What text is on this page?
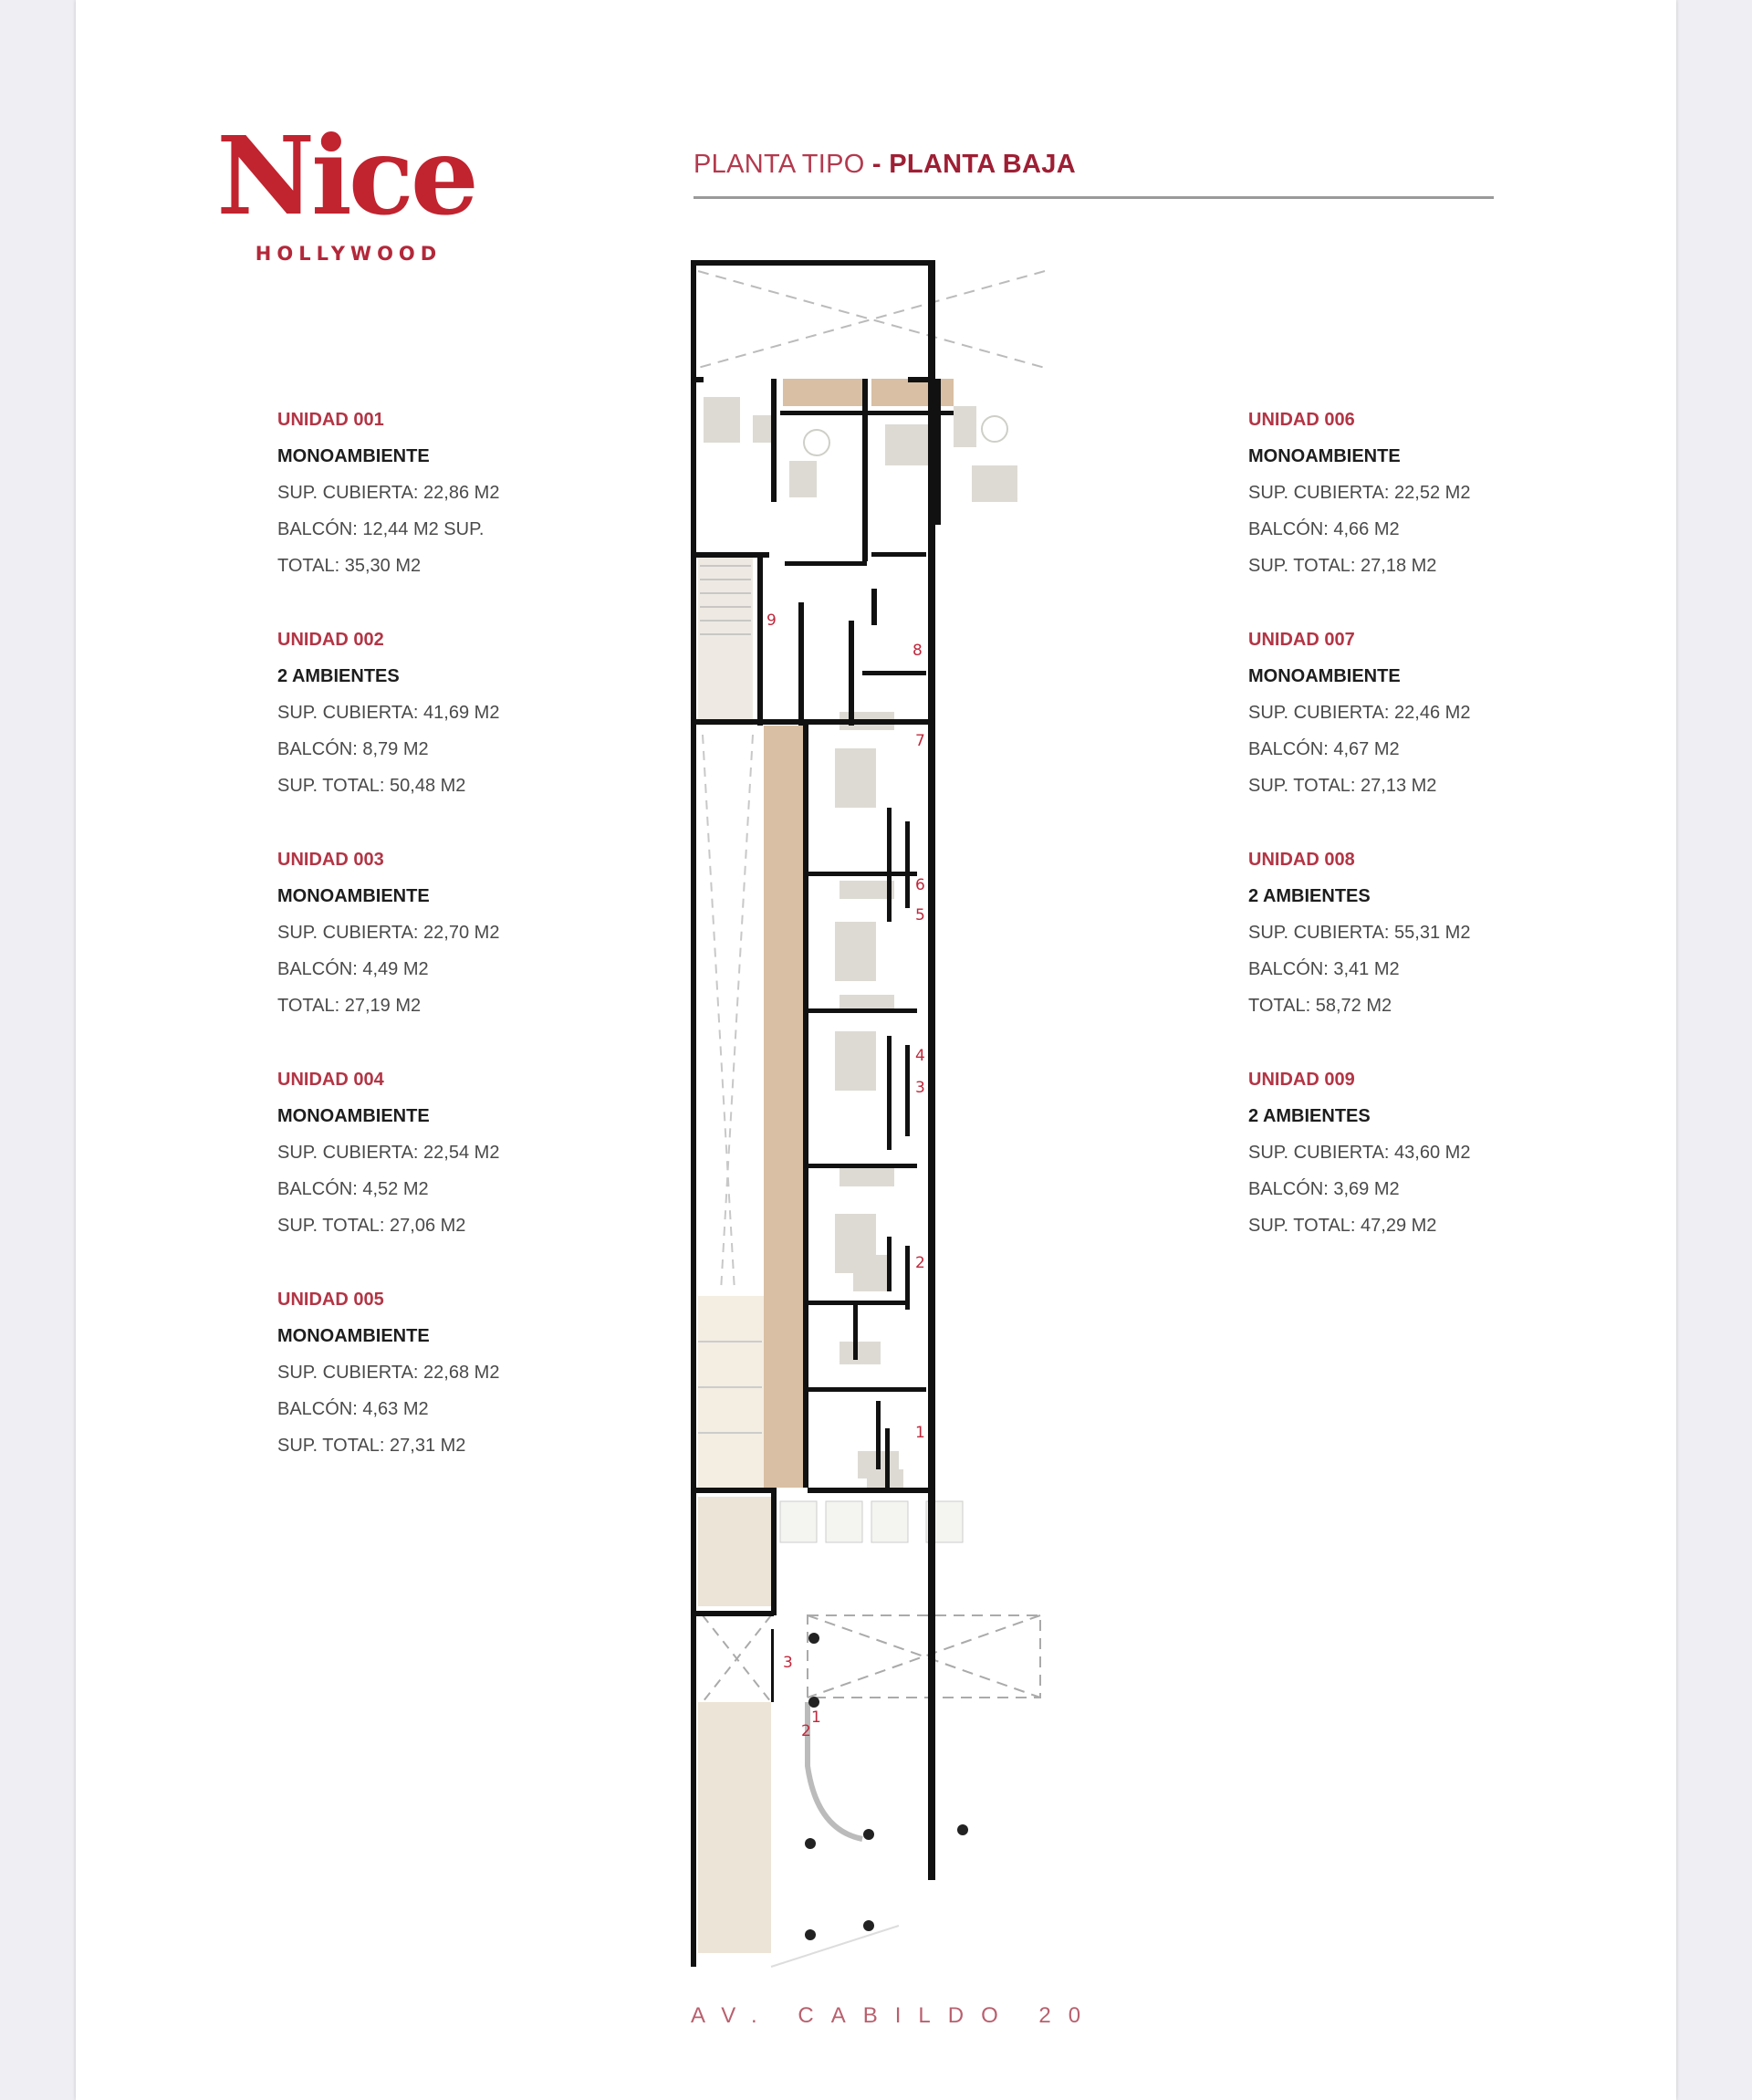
Nice
HOLLYWOOD
PLANTA TIPO - PLANTA BAJA
UNIDAD 001
MONOAMBIENTE
SUP. CUBIERTA: 22,86 M2
BALCÓN: 12,44 M2 SUP.
TOTAL: 35,30 M2
UNIDAD 002
2 AMBIENTES
SUP. CUBIERTA: 41,69 M2
BALCÓN: 8,79 M2
SUP. TOTAL: 50,48 M2
UNIDAD 003
MONOAMBIENTE
SUP. CUBIERTA: 22,70 M2
BALCÓN: 4,49 M2
TOTAL: 27,19 M2
UNIDAD 004
MONOAMBIENTE
SUP. CUBIERTA: 22,54 M2
BALCÓN: 4,52 M2
SUP. TOTAL: 27,06 M2
UNIDAD 005
MONOAMBIENTE
SUP. CUBIERTA: 22,68 M2
BALCÓN: 4,63 M2
SUP. TOTAL: 27,31 M2
UNIDAD 006
MONOAMBIENTE
SUP. CUBIERTA: 22,52 M2
BALCÓN: 4,66 M2
SUP. TOTAL: 27,18 M2
UNIDAD 007
MONOAMBIENTE
SUP. CUBIERTA: 22,46 M2
BALCÓN: 4,67 M2
SUP. TOTAL: 27,13 M2
UNIDAD 008
2 AMBIENTES
SUP. CUBIERTA: 55,31 M2
BALCÓN: 3,41 M2
TOTAL: 58,72 M2
UNIDAD 009
2 AMBIENTES
SUP. CUBIERTA: 43,60 M2
BALCÓN: 3,69 M2
SUP. TOTAL: 47,29 M2
9
8
7
6
5
4
3
2
1
3
1
2
AV. CABILDO 20
